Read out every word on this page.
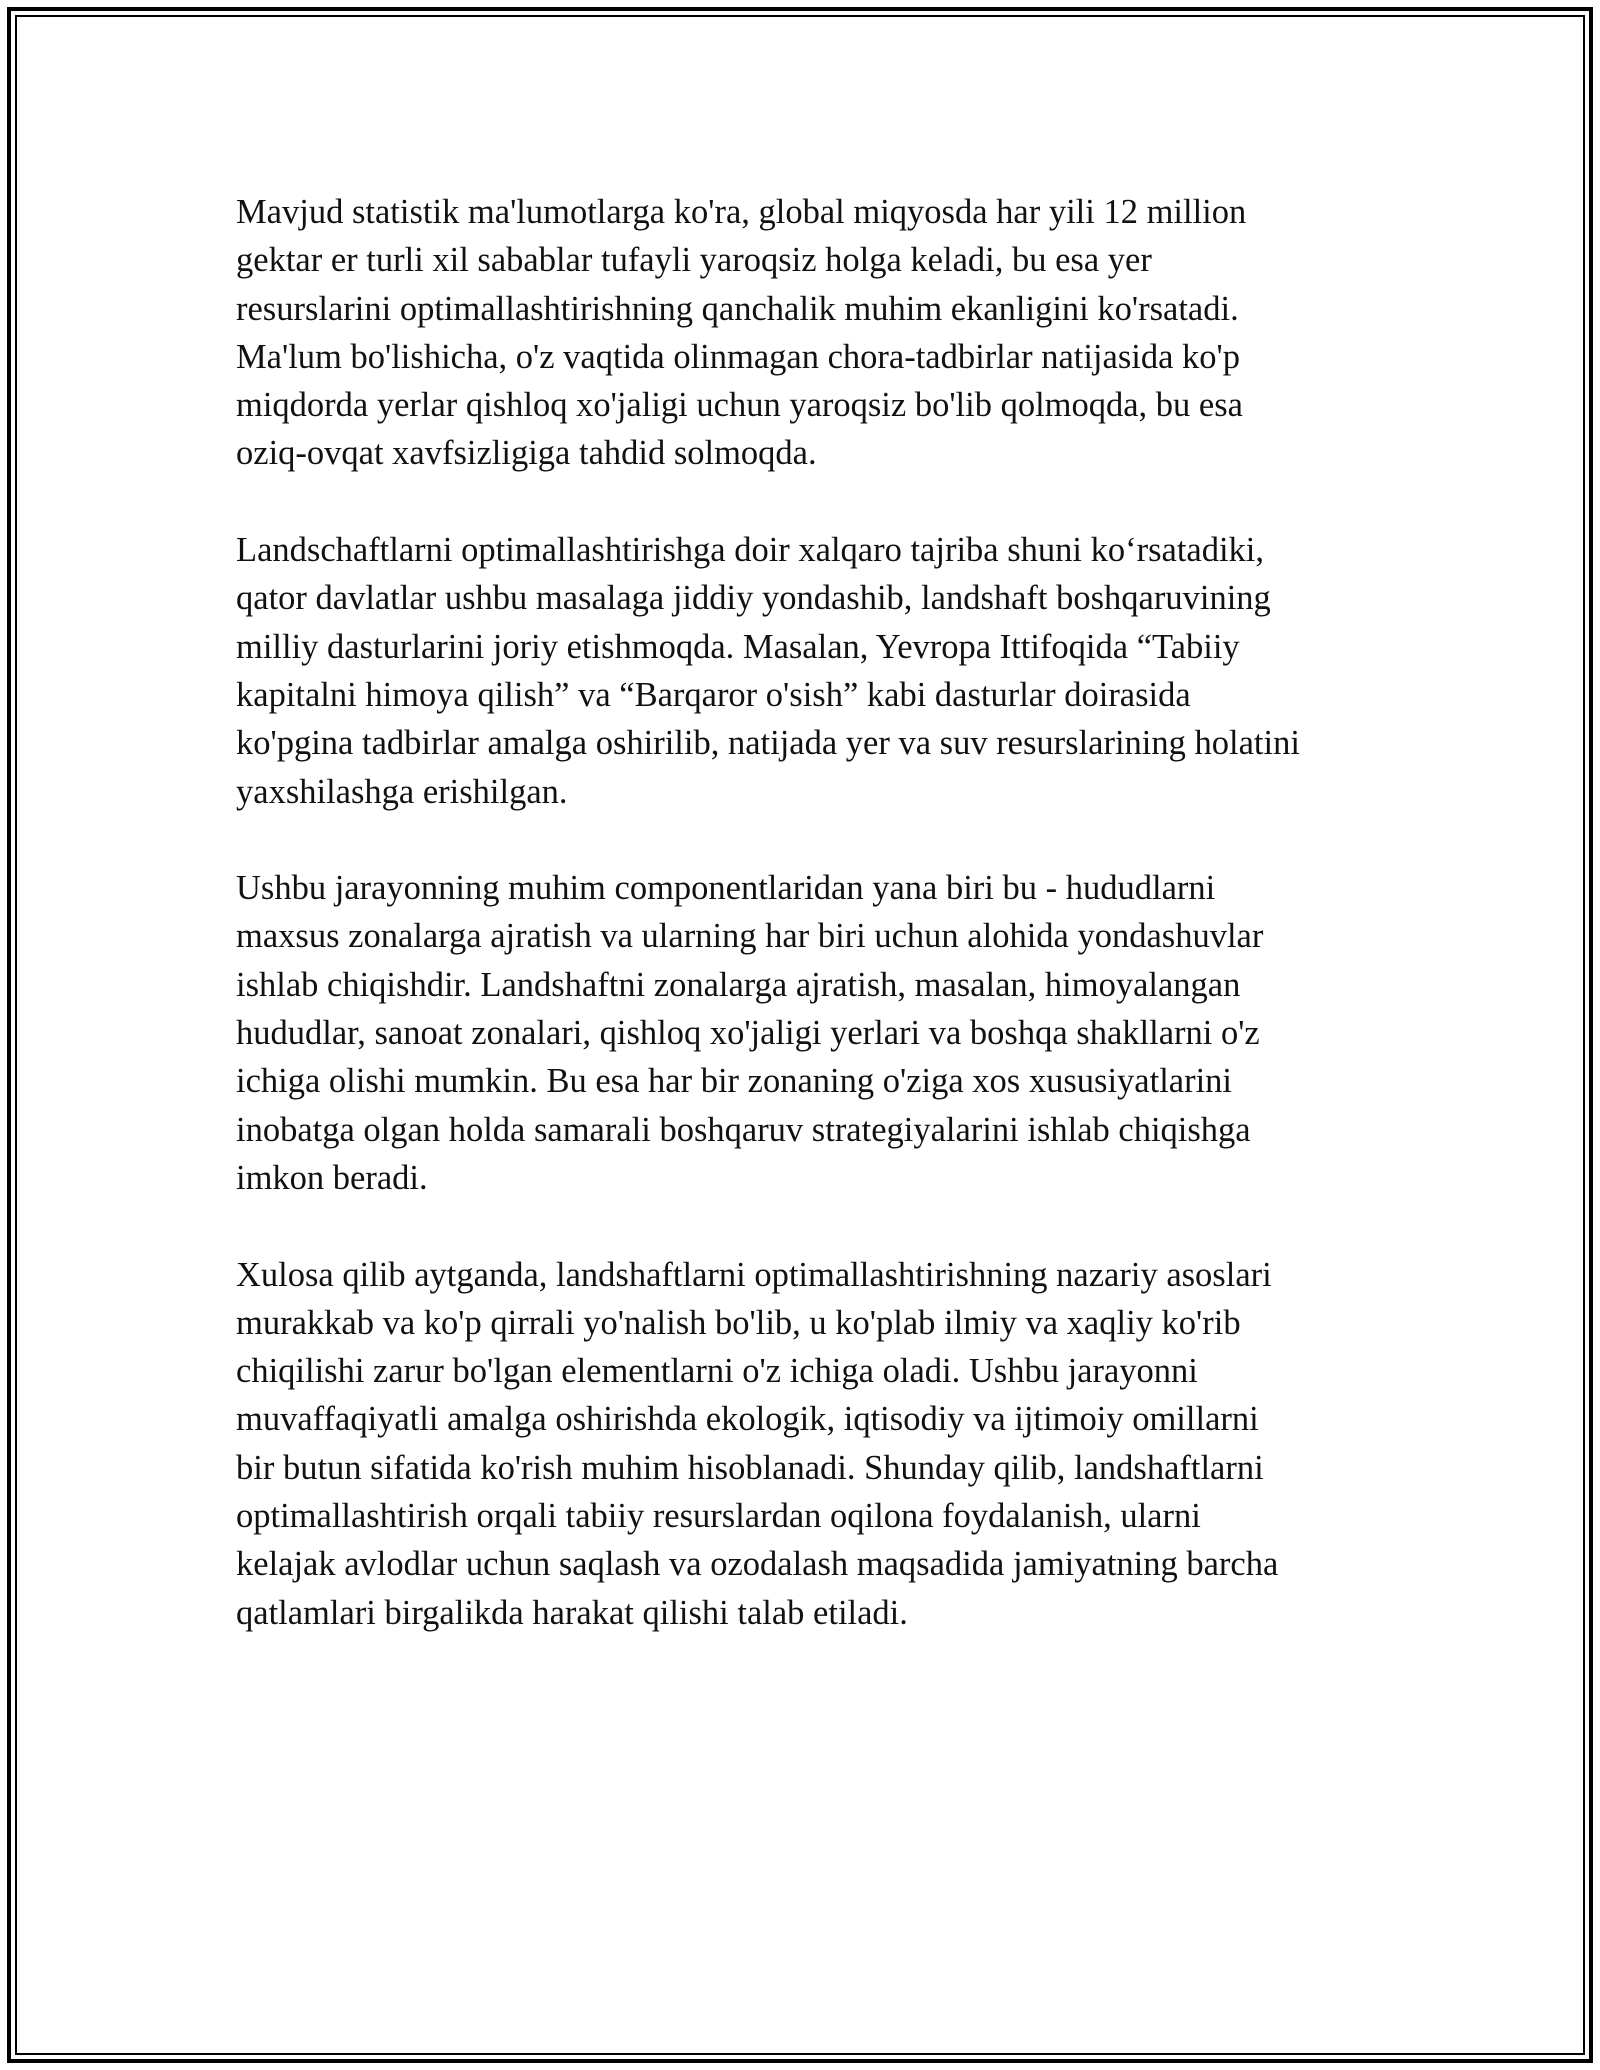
Mavjud statistik ma'lumotlarga ko'ra, global miqyosda har yili 12 million
gektar er turli xil sabablar tufayli yaroqsiz holga keladi, bu esa yer
resurslarini optimallashtirishning qanchalik muhim ekanligini ko'rsatadi.
Ma'lum bo'lishicha, o'z vaqtida olinmagan chora-tadbirlar natijasida ko'p
miqdorda yerlar qishloq xo'jaligi uchun yaroqsiz bo'lib qolmoqda, bu esa
oziq-ovqat xavfsizligiga tahdid solmoqda.

Landschaftlarni optimallashtirishga doir xalqaro tajriba shuni ko‘rsatadiki,
qator davlatlar ushbu masalaga jiddiy yondashib, landshaft boshqaruvining
milliy dasturlarini joriy etishmoqda. Masalan, Yevropa Ittifoqida “Tabiiy
kapitalni himoya qilish” va “Barqaror o'sish” kabi dasturlar doirasida
ko'pgina tadbirlar amalga oshirilib, natijada yer va suv resurslarining holatini
yaxshilashga erishilgan.

Ushbu jarayonning muhim componentlaridan yana biri bu - hududlarni
maxsus zonalarga ajratish va ularning har biri uchun alohida yondashuvlar
ishlab chiqishdir. Landshaftni zonalarga ajratish, masalan, himoyalangan
hududlar, sanoat zonalari, qishloq xo'jaligi yerlari va boshqa shakllarni o'z
ichiga olishi mumkin. Bu esa har bir zonaning o'ziga xos xususiyatlarini
inobatga olgan holda samarali boshqaruv strategiyalarini ishlab chiqishga
imkon beradi.

Xulosa qilib aytganda, landshaftlarni optimallashtirishning nazariy asoslari
murakkab va ko'p qirrali yo'nalish bo'lib, u ko'plab ilmiy va xaqliy ko'rib
chiqilishi zarur bo'lgan elementlarni o'z ichiga oladi. Ushbu jarayonni
muvaffaqiyatli amalga oshirishda ekologik, iqtisodiy va ijtimoiy omillarni
bir butun sifatida ko'rish muhim hisoblanadi. Shunday qilib, landshaftlarni
optimallashtirish orqali tabiiy resurslardan oqilona foydalanish, ularni
kelajak avlodlar uchun saqlash va ozodalash maqsadida jamiyatning barcha
qatlamlari birgalikda harakat qilishi talab etiladi.
